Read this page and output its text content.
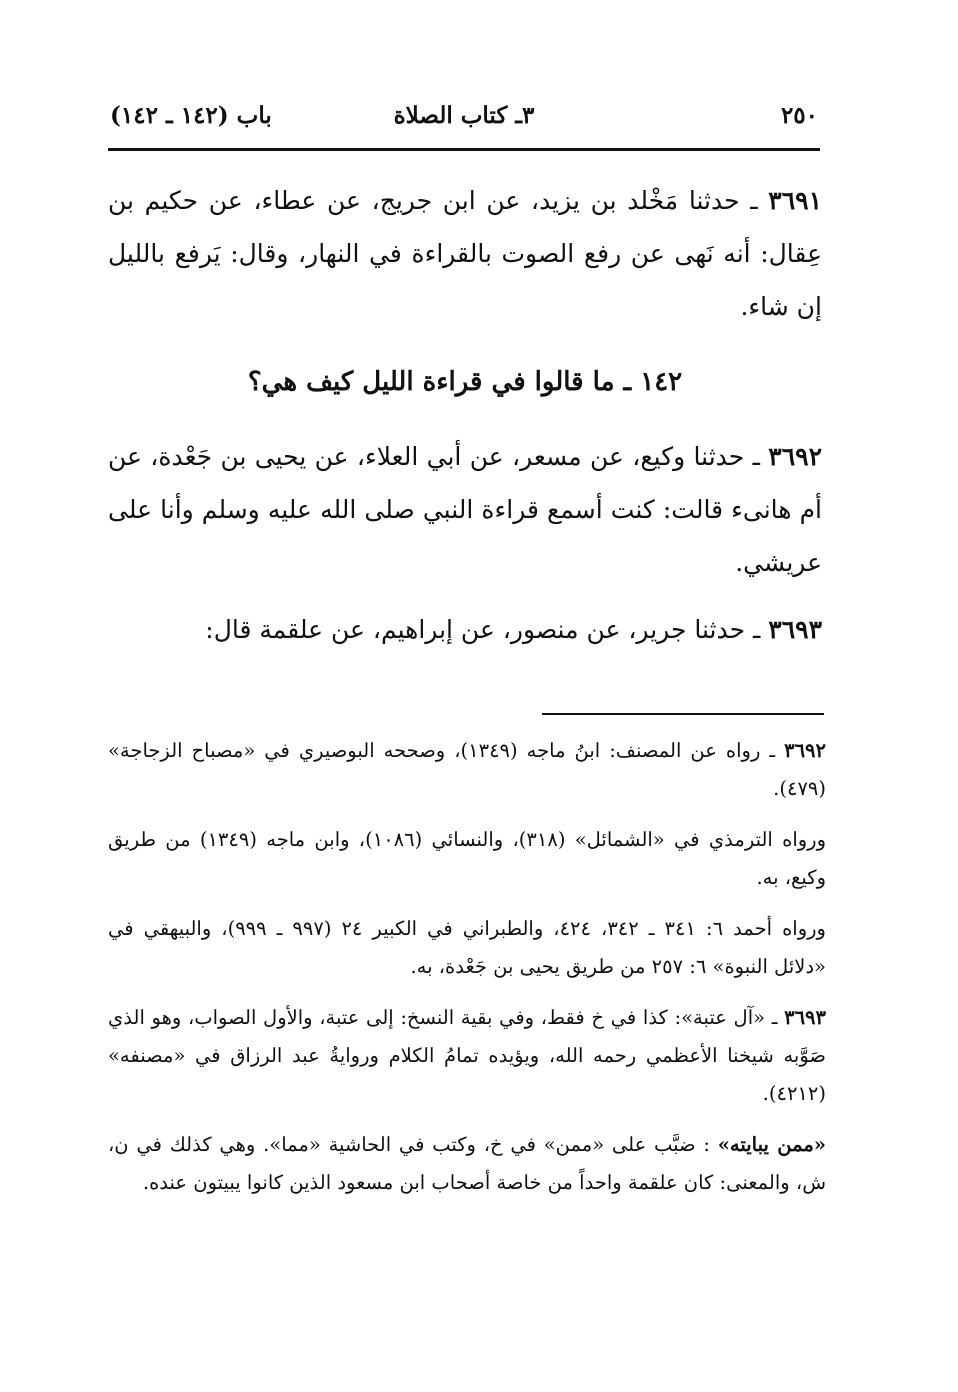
٢٥٠
٣ـ كتاب الصلاة
باب (١٤٢ ـ ١٤٢)
٣٦٩١ ـ حدثنا مَخْلد بن يزيد، عن ابن جريج، عن عطاء، عن حكيم بن عِقال: أنه نَهى عن رفع الصوت بالقراءة في النهار، وقال: يَرفع بالليل إن شاء.
١٤٢ ـ ما قالوا في قراءة الليل كيف هي؟
٣٦٩٢ ـ حدثنا وكيع، عن مسعر، عن أبي العلاء، عن يحيى بن جَعْدة، عن أم هانىء قالت: كنت أسمع قراءة النبي صلى الله عليه وسلم وأنا على عريشي.
٣٦٩٣ ـ حدثنا جرير، عن منصور، عن إبراهيم، عن علقمة قال:

٣٦٩٢ ـ رواه عن المصنف: ابنُ ماجه (١٣٤٩)، وصححه البوصيري في «مصباح الزجاجة» (٤٧٩).

ورواه الترمذي في «الشمائل» (٣١٨)، والنسائي (١٠٨٦)، وابن ماجه (١٣٤٩) من طريق وكيع، به.

ورواه أحمد ٦: ٣٤١ ـ ٣٤٢، ٤٢٤، والطبراني في الكبير ٢٤ (٩٩٧ ـ ٩٩٩)، والبيهقي في «دلائل النبوة» ٦: ٢٥٧ من طريق يحيى بن جَعْدة، به.

٣٦٩٣ ـ «آل عتبة»: كذا في خ فقط، وفي بقية النسخ: إلى عتبة، والأول الصواب، وهو الذي صَوَّبه شيخنا الأعظمي رحمه الله، ويؤيده تمامُ الكلام وروايةُ عبد الرزاق في «مصنفه» (٤٢١٢).

«ممن يبايته» : ضبَّب على «ممن» في خ، وكتب في الحاشية «مما». وهي كذلك في ن، ش، والمعنى: كان علقمة واحداً من خاصة أصحاب ابن مسعود الذين كانوا يبيتون عنده.
